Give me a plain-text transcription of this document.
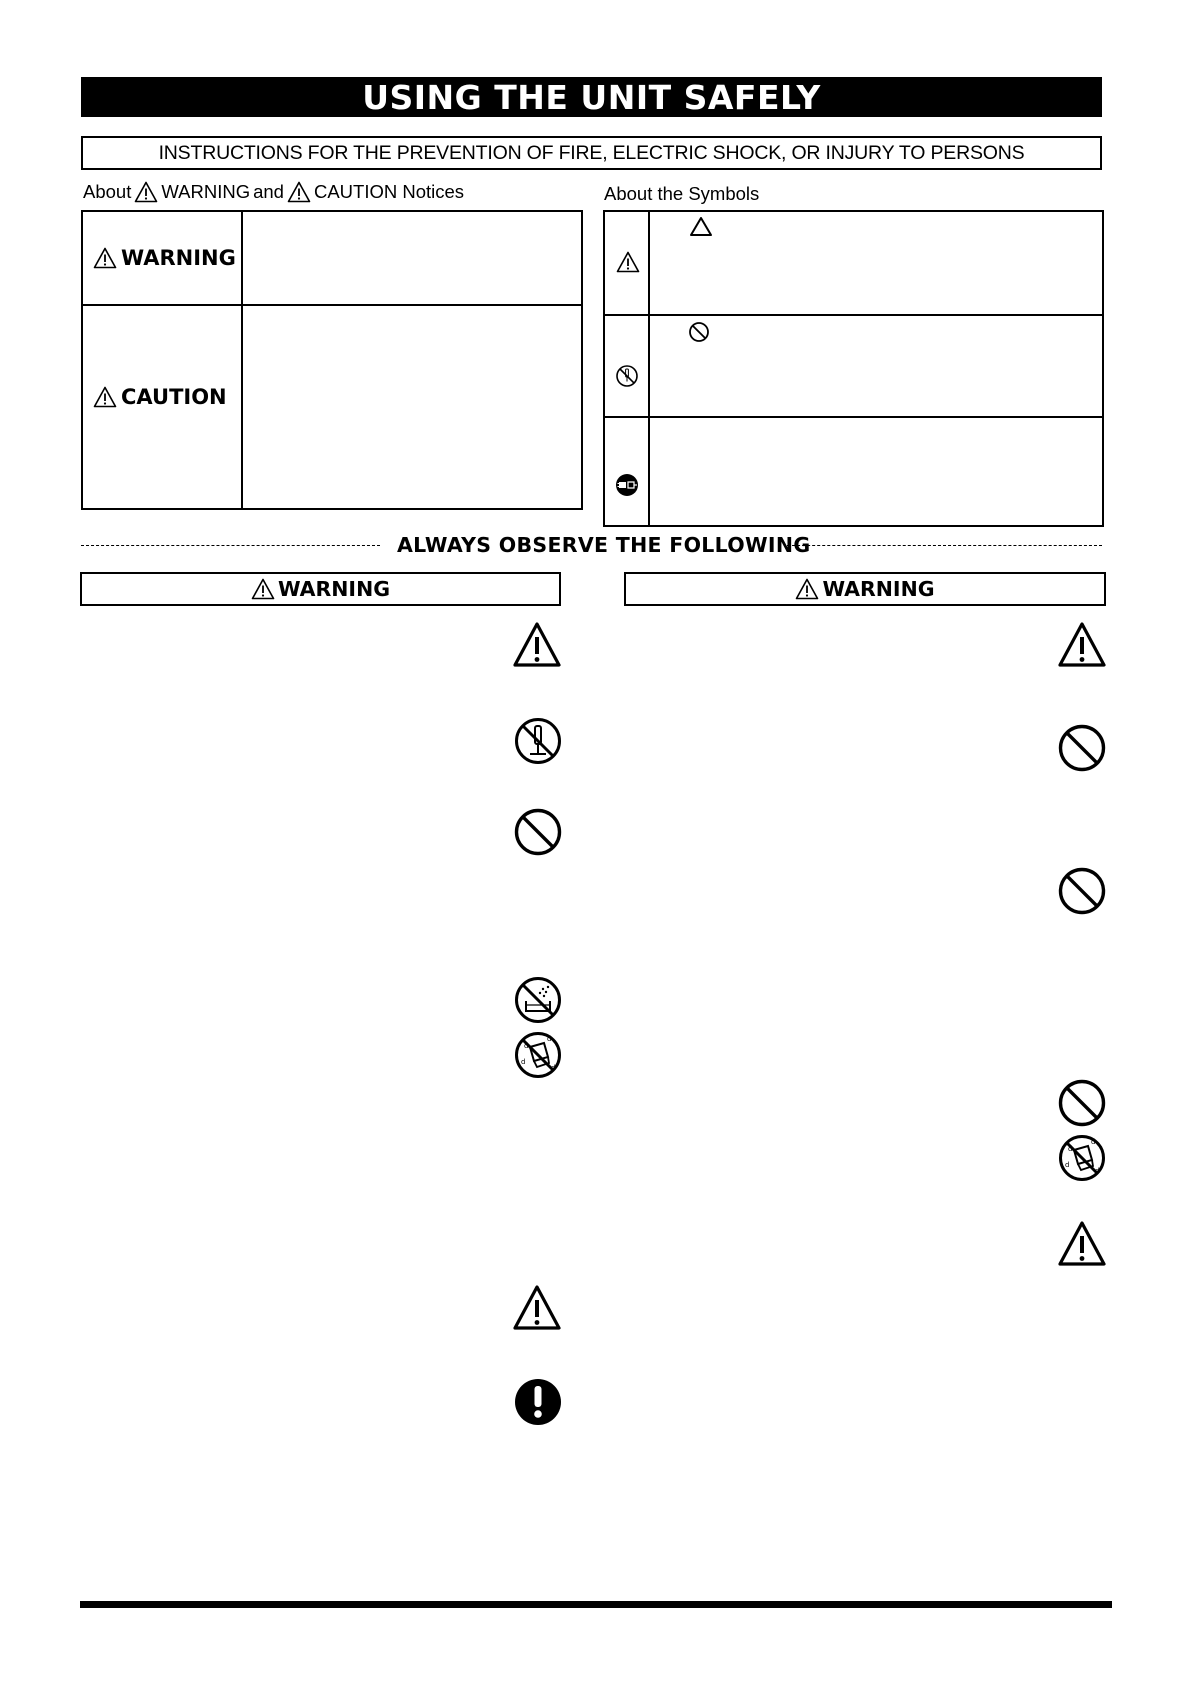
USING THE UNIT SAFELY
INSTRUCTIONS FOR THE PREVENTION OF FIRE, ELECTRIC SHOCK, OR INJURY TO PERSONS
About WARNING and CAUTION Notices	About the Symbols
WARNING
CAUTION
ALWAYS OBSERVE THE FOLLOWING
WARNING	WARNING
